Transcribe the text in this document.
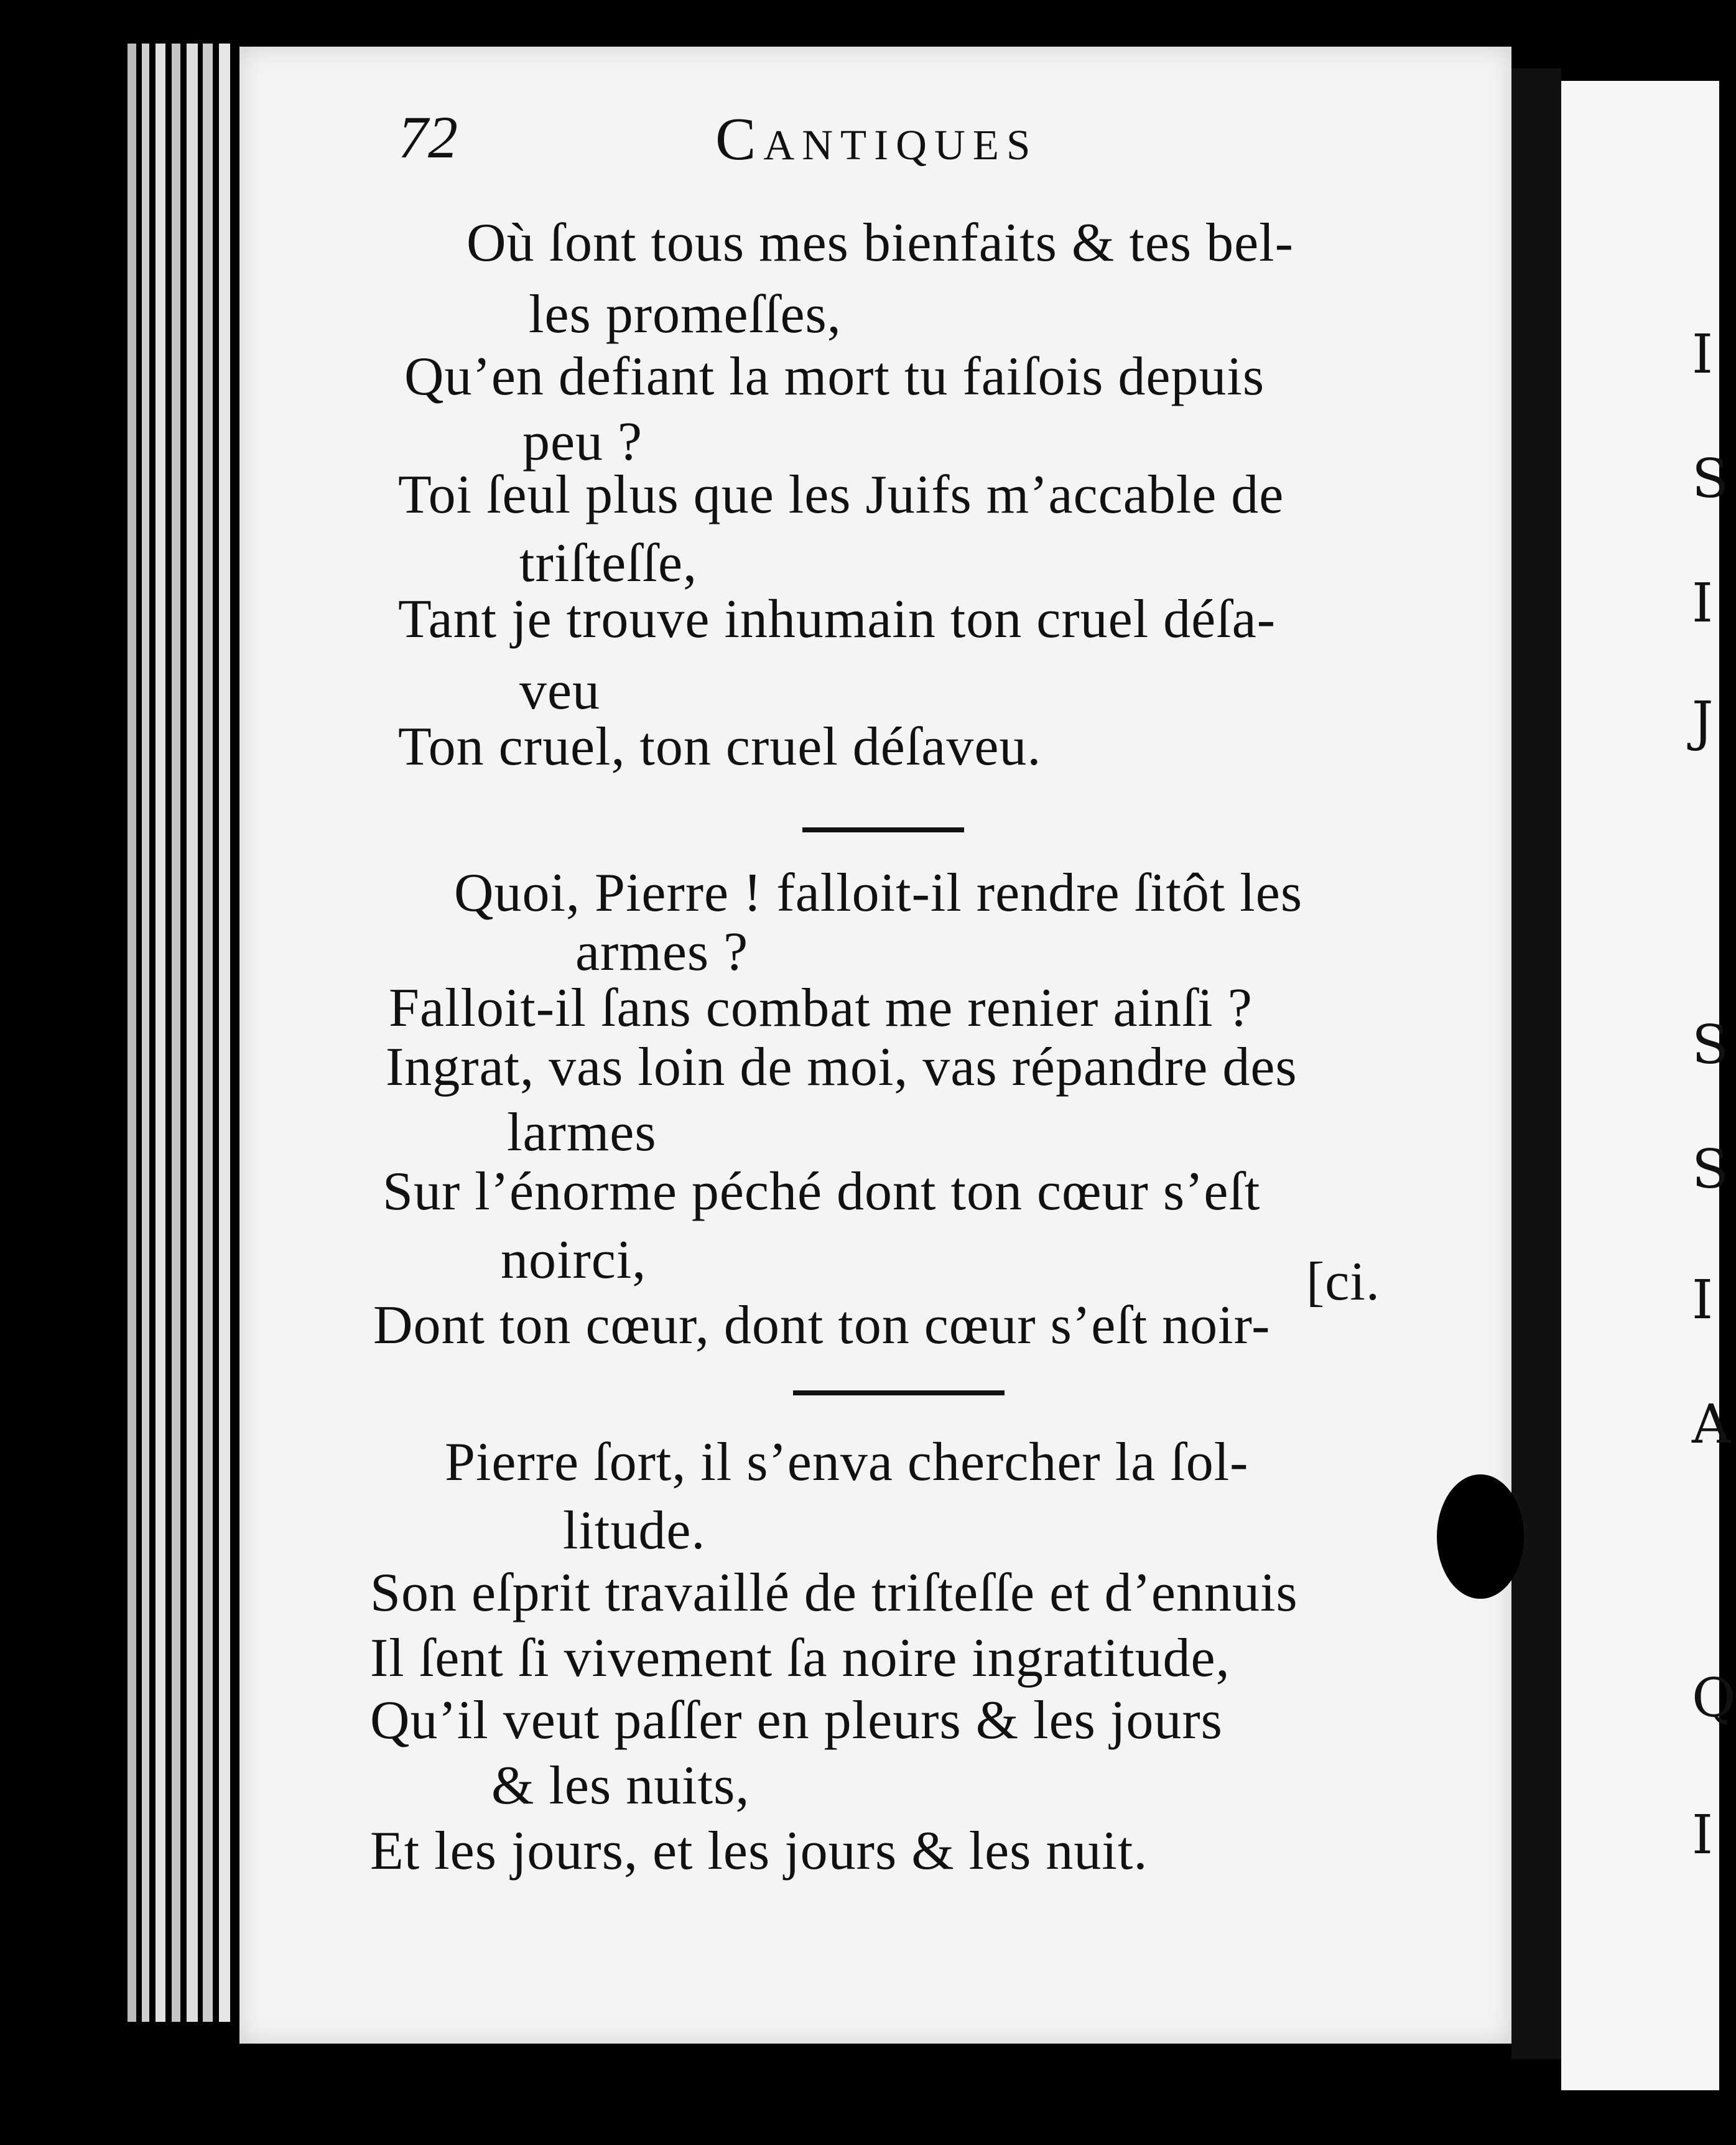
I
S
I
J
S
S
I
A
Q
I
72	Cantiques
Où ſont tous mes bienfaits & tes bel-
les promeſſes,
Qu’en defiant la mort tu faiſois depuis
peu ?
Toi ſeul plus que les Juifs m’accable de
triſteſſe,
Tant je trouve inhumain ton cruel déſa-
veu
Ton cruel, ton cruel déſaveu.
Quoi, Pierre ! falloit-il rendre ſitôt les
armes ?
Falloit-il ſans combat me renier ainſi ?
Ingrat, vas loin de moi, vas répandre des
larmes
Sur l’énorme péché dont ton cœur s’eſt
noirci,	[ci.
Dont ton cœur, dont ton cœur s’eſt noir-
Pierre ſort, il s’enva chercher la ſol-
litude.
Son eſprit travaillé de triſteſſe et d’ennuis
Il ſent ſi vivement ſa noire ingratitude,
Qu’il veut paſſer en pleurs & les jours
& les nuits,
Et les jours, et les jours & les nuit.
